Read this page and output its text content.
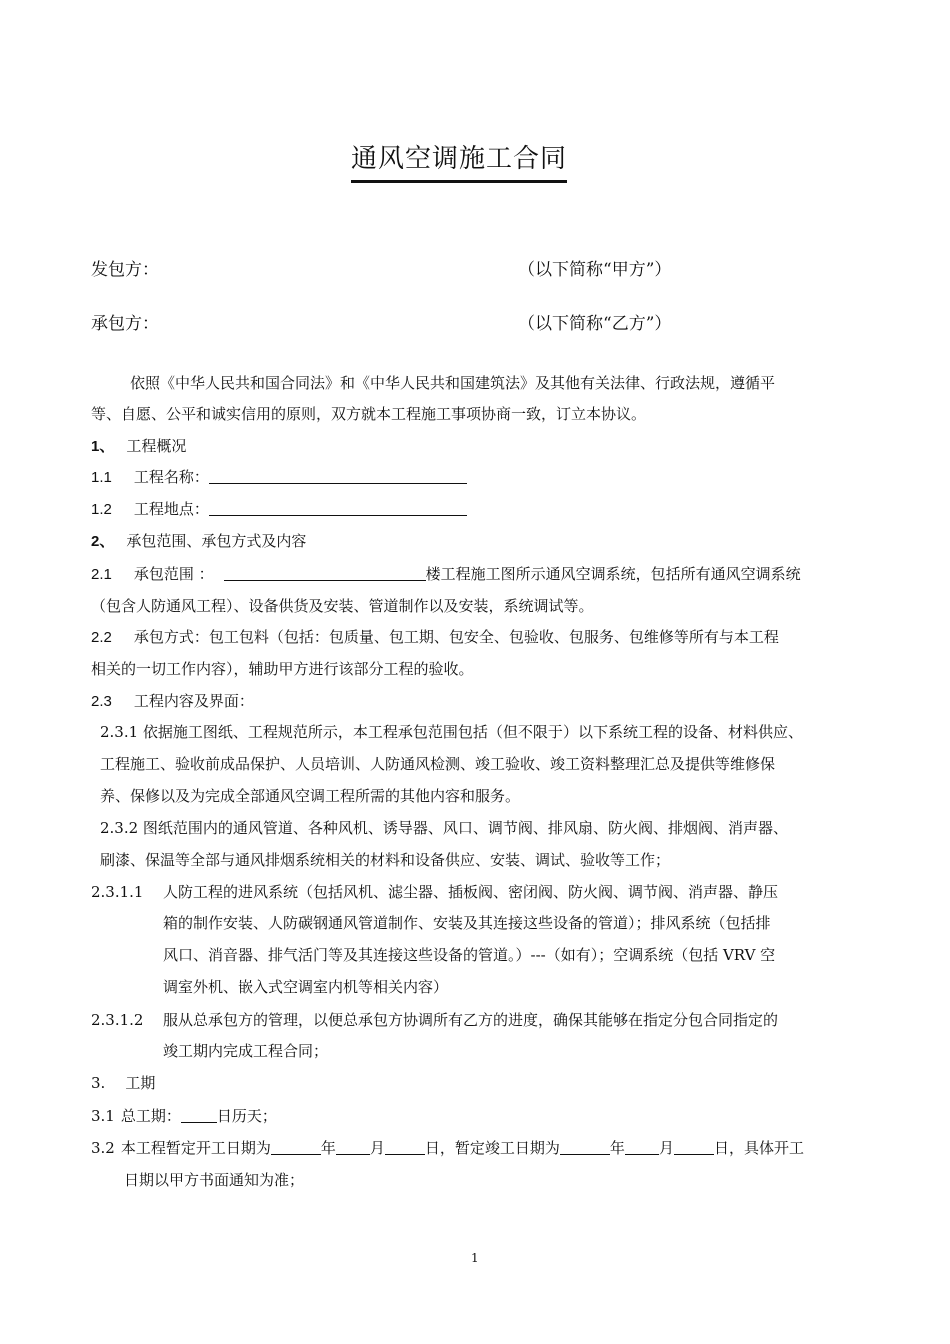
通风空调施工合同
发包方：	（以下简称“甲方”）
承包方：	（以下简称“乙方”）
依照《中华人民共和国合同法》和《中华人民共和国建筑法》及其他有关法律、行政法规，遵循平
等、自愿、公平和诚实信用的原则，双方就本工程施工事项协商一致，订立本协议。
1、 工程概况
1.1 工程名称：
1.2 工程地点：
2、 承包范围、承包方式及内容
2.1 承包范围 ：	楼工程施工图所示通风空调系统，包括所有通风空调系统
（包含人防通风工程）、设备供货及安装、管道制作以及安装，系统调试等。
2.2 承包方式：包工包料（包括：包质量、包工期、包安全、包验收、包服务、包维修等所有与本工程
相关的一切工作内容），辅助甲方进行该部分工程的验收。
2.3 工程内容及界面：
2.3.1 依据施工图纸、工程规范所示，本工程承包范围包括（但不限于）以下系统工程的设备、材料供应、
工程施工、验收前成品保护、人员培训、人防通风检测、竣工验收、竣工资料整理汇总及提供等维修保
养、保修以及为完成全部通风空调工程所需的其他内容和服务。
2.3.2 图纸范围内的通风管道、各种风机、诱导器、风口、调节阀、排风扇、防火阀、排烟阀、消声器、
刷漆、保温等全部与通风排烟系统相关的材料和设备供应、安装、调试、验收等工作；
2.3.1.1 人防工程的进风系统（包括风机、滤尘器、插板阀、密闭阀、防火阀、调节阀、消声器、静压
箱的制作安装、人防碳钢通风管道制作、安装及其连接这些设备的管道）；排风系统（包括排
风口、消音器、排气活门等及其连接这些设备的管道。）---（如有）；空调系统（包括 VRV 空
调室外机、嵌入式空调室内机等相关内容）
2.3.1.2 服从总承包方的管理，以便总承包方协调所有乙方的进度，确保其能够在指定分包合同指定的
竣工期内完成工程合同；
3. 工期
3.1 总工期： 日历天；
3.2 本工程暂定开工日期为	年 月	日，暂定竣工日期为	年 月	日，具体开工
日期以甲方书面通知为准；
1
